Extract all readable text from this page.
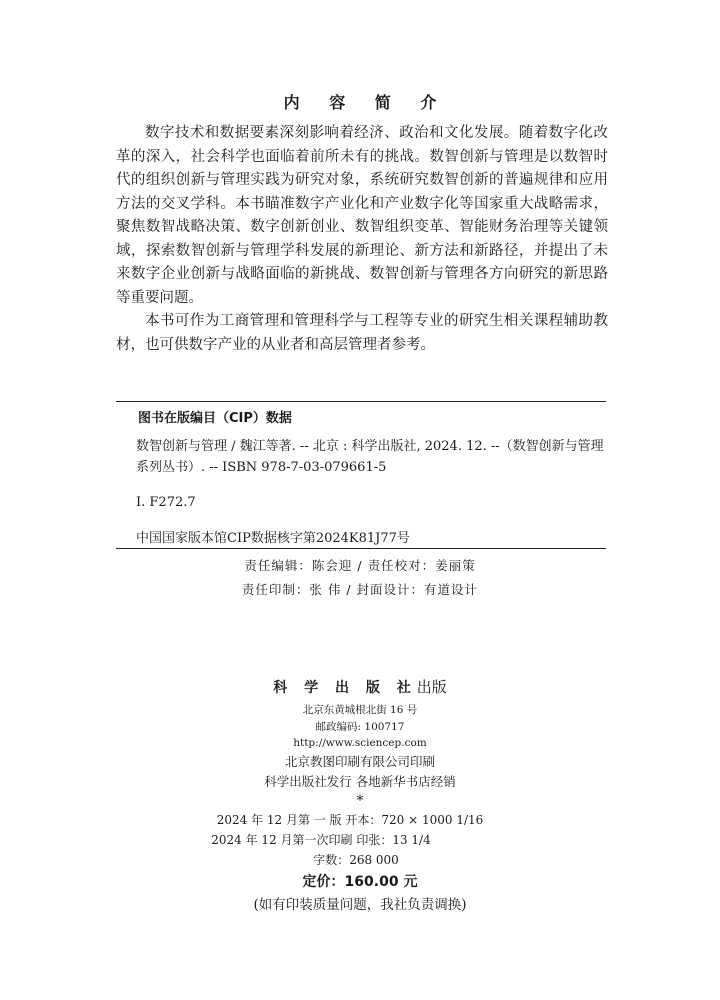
内 容 简 介

数字技术和数据要素深刻影响着经济、政治和文化发展。随着数字化改革的深入，社会科学也面临着前所未有的挑战。数智创新与管理是以数智时代的组织创新与管理实践为研究对象，系统研究数智创新的普遍规律和应用方法的交叉学科。本书瞄准数字产业化和产业数字化等国家重大战略需求，聚焦数智战略决策、数字创新创业、数智组织变革、智能财务治理等关键领域，探索数智创新与管理学科发展的新理论、新方法和新路径，并提出了未来数字企业创新与战略面临的新挑战、数智创新与管理各方向研究的新思路等重要问题。

本书可作为工商管理和管理科学与工程等专业的研究生相关课程辅助教材，也可供数字产业的从业者和高层管理者参考。

图书在版编目（CIP）数据
数智创新与管理 / 魏江等著. -- 北京 : 科学出版社, 2024. 12. --（数智创新与管理系列丛书）. -- ISBN 978-7-03-079661-5
Ⅰ. F272.7
中国国家版本馆CIP数据核字第2024K81J77号
责任编辑：陈会迎 / 责任校对：姜丽策
责任印制：张 伟 / 封面设计：有道设计
科 学 出 版 社出版
北京东黄城根北街 16 号
邮政编码: 100717
http://www.sciencep.com
北京教图印刷有限公司印刷
科学出版社发行 各地新华书店经销
*
2024 年 12 月第 一 版 开本：720 × 1000 1/16
2024 年 12 月第一次印刷 印张：13 1/4
字数：268 000
定价：160.00 元
(如有印装质量问题，我社负责调换)
